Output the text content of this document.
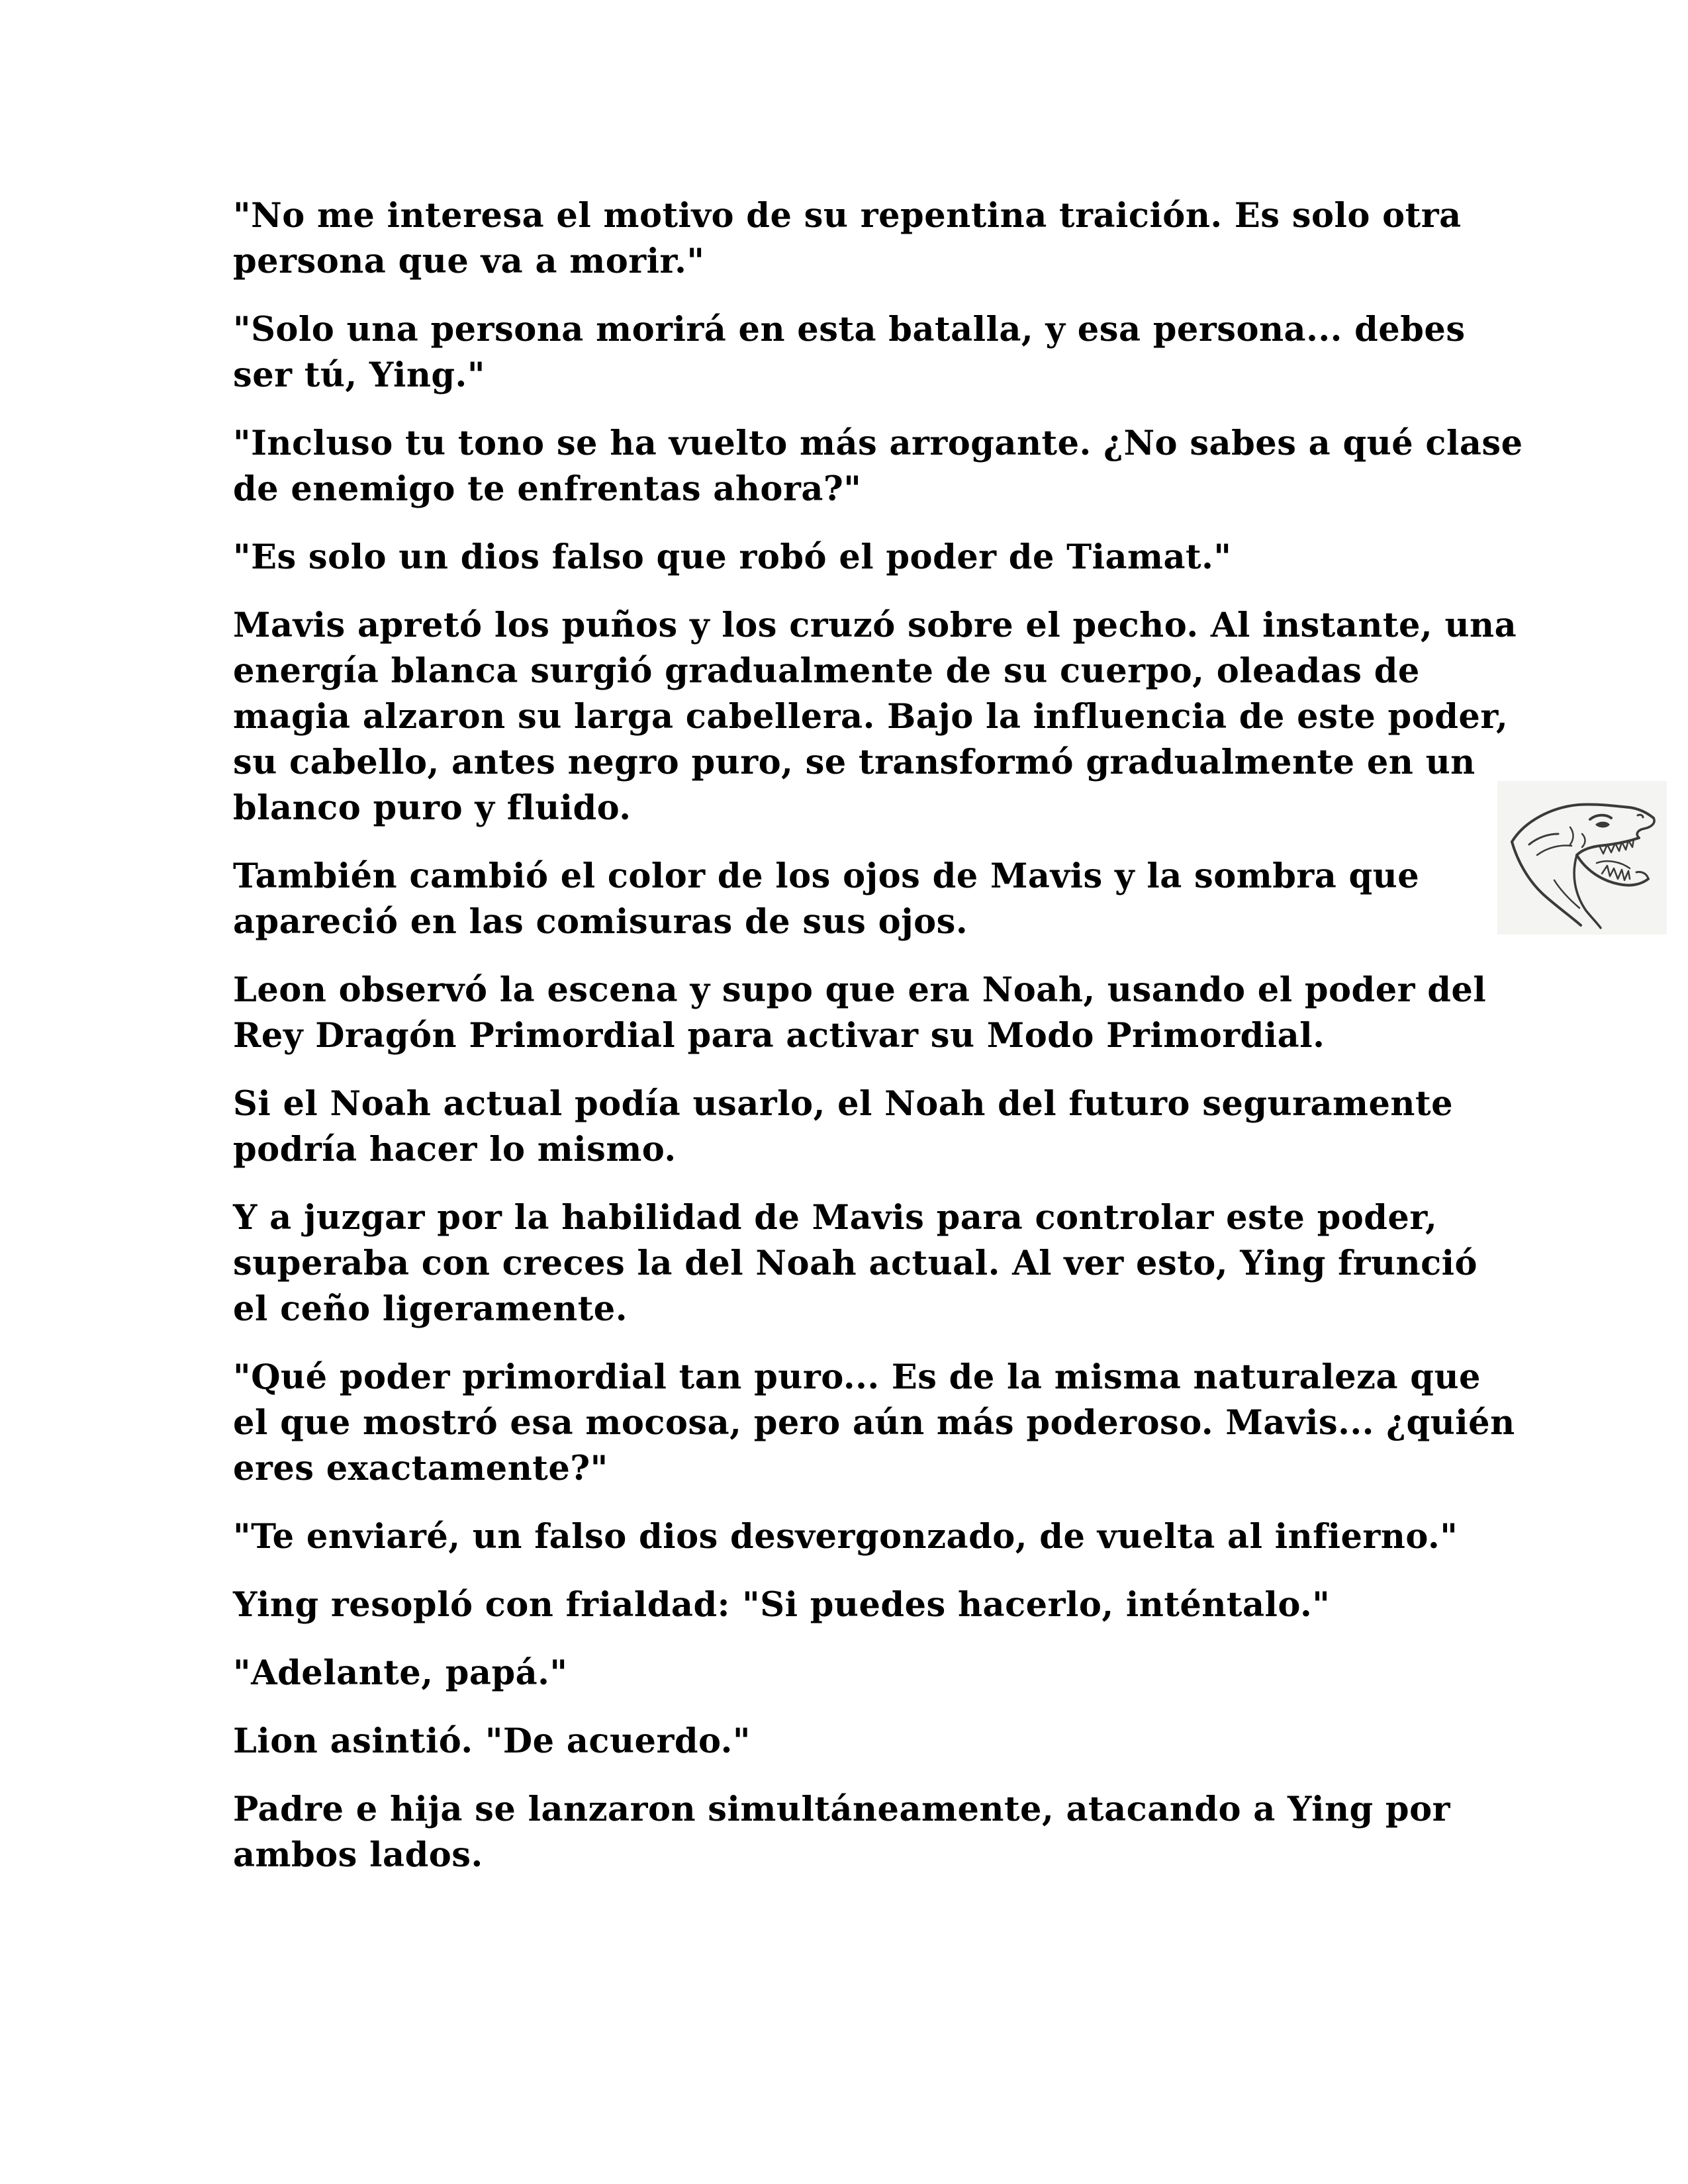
"No me interesa el motivo de su repentina traición. Es solo otra persona que va a morir."

"Solo una persona morirá en esta batalla, y esa persona... debes ser tú, Ying."

"Incluso tu tono se ha vuelto más arrogante. ¿No sabes a qué clase de enemigo te enfrentas ahora?"

"Es solo un dios falso que robó el poder de Tiamat."

Mavis apretó los puños y los cruzó sobre el pecho. Al instante, una energía blanca surgió gradualmente de su cuerpo, oleadas de magia alzaron su larga cabellera. Bajo la influencia de este poder, su cabello, antes negro puro, se transformó gradualmente en un blanco puro y fluido.

También cambió el color de los ojos de Mavis y la sombra que apareció en las comisuras de sus ojos.

Leon observó la escena y supo que era Noah, usando el poder del Rey Dragón Primordial para activar su Modo Primordial.

Si el Noah actual podía usarlo, el Noah del futuro seguramente podría hacer lo mismo.

Y a juzgar por la habilidad de Mavis para controlar este poder, superaba con creces la del Noah actual. Al ver esto, Ying frunció el ceño ligeramente.

"Qué poder primordial tan puro... Es de la misma naturaleza que el que mostró esa mocosa, pero aún más poderoso. Mavis... ¿quién eres exactamente?"

"Te enviaré, un falso dios desvergonzado, de vuelta al infierno."

Ying resopló con frialdad: "Si puedes hacerlo, inténtalo."

"Adelante, papá."

Lion asintió. "De acuerdo."

Padre e hija se lanzaron simultáneamente, atacando a Ying por ambos lados.
